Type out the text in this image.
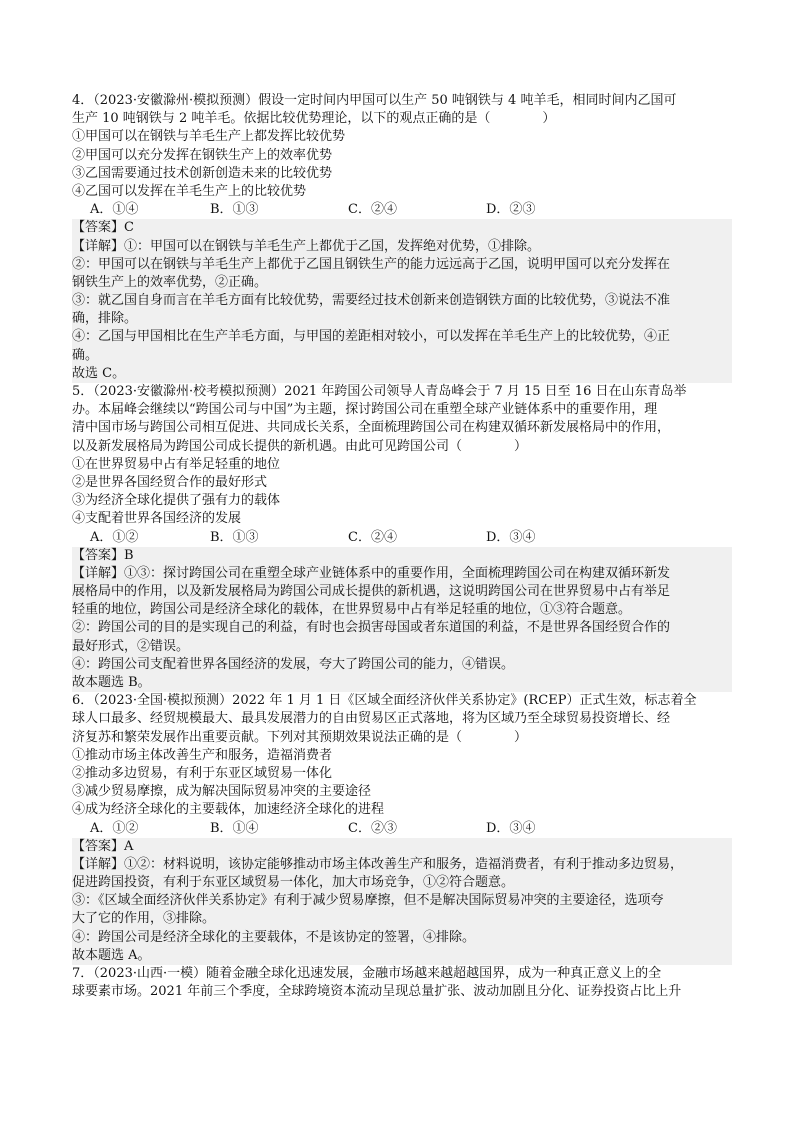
4．（2023·安徽滁州·模拟预测）假设一定时间内甲国可以生产 50 吨钢铁与 4 吨羊毛，相同时间内乙国可
生产 10 吨钢铁与 2 吨羊毛。依据比较优势理论，以下的观点正确的是（　　　　）
①甲国可以在钢铁与羊毛生产上都发挥比较优势
②甲国可以充分发挥在钢铁生产上的效率优势
③乙国需要通过技术创新创造未来的比较优势
④乙国可以发挥在羊毛生产上的比较优势
A．①④	B．①③	C．②④	D．②③
【答案】C
【详解】①：甲国可以在钢铁与羊毛生产上都优于乙国，发挥绝对优势，①排除。
②：甲国可以在钢铁与羊毛生产上都优于乙国且钢铁生产的能力远远高于乙国，说明甲国可以充分发挥在
钢铁生产上的效率优势，②正确。
③：就乙国自身而言在羊毛方面有比较优势，需要经过技术创新来创造钢铁方面的比较优势，③说法不准
确，排除。
④：乙国与甲国相比在生产羊毛方面，与甲国的差距相对较小，可以发挥在羊毛生产上的比较优势，④正
确。
故选 C。
5．（2023·安徽滁州·校考模拟预测）2021 年跨国公司领导人青岛峰会于 7 月 15 日至 16 日在山东青岛举
办。本届峰会继续以“跨国公司与中国”为主题，探讨跨国公司在重塑全球产业链体系中的重要作用，理
清中国市场与跨国公司相互促进、共同成长关系，全面梳理跨国公司在构建双循环新发展格局中的作用，
以及新发展格局为跨国公司成长提供的新机遇。由此可见跨国公司（　　　　）
①在世界贸易中占有举足轻重的地位
②是世界各国经贸合作的最好形式
③为经济全球化提供了强有力的载体
④支配着世界各国经济的发展
A．①②	B．①③	C．②④	D．③④
【答案】B
【详解】①③：探讨跨国公司在重塑全球产业链体系中的重要作用，全面梳理跨国公司在构建双循环新发
展格局中的作用，以及新发展格局为跨国公司成长提供的新机遇，这说明跨国公司在世界贸易中占有举足
轻重的地位，跨国公司是经济全球化的载体，在世界贸易中占有举足轻重的地位，①③符合题意。
②：跨国公司的目的是实现自己的利益，有时也会损害母国或者东道国的利益，不是世界各国经贸合作的
最好形式，②错误。
④：跨国公司支配着世界各国经济的发展，夸大了跨国公司的能力，④错误。
故本题选 B。
6．（2023·全国·模拟预测）2022 年 1 月 1 日《区域全面经济伙伴关系协定》(RCEP）正式生效，标志着全
球人口最多、经贸规模最大、最具发展潜力的自由贸易区正式落地，将为区域乃至全球贸易投资增长、经
济复苏和繁荣发展作出重要贡献。下列对其预期效果说法正确的是（　　　　）
①推动市场主体改善生产和服务，造福消费者
②推动多边贸易，有利于东亚区域贸易一体化
③减少贸易摩擦，成为解决国际贸易冲突的主要途径
④成为经济全球化的主要载体，加速经济全球化的进程
A．①②	B．①④	C．②③	D．③④
【答案】A
【详解】①②：材料说明，该协定能够推动市场主体改善生产和服务，造福消费者，有利于推动多边贸易，
促进跨国投资，有利于东亚区域贸易一体化，加大市场竞争，①②符合题意。
③：《区域全面经济伙伴关系协定》有利于减少贸易摩擦，但不是解决国际贸易冲突的主要途径，选项夸
大了它的作用，③排除。
④：跨国公司是经济全球化的主要载体，不是该协定的签署，④排除。
故本题选 A。
7．（2023·山西·一模）随着金融全球化迅速发展，金融市场越来越超越国界，成为一种真正意义上的全
球要素市场。2021 年前三个季度，全球跨境资本流动呈现总量扩张、波动加剧且分化、证券投资占比上升
